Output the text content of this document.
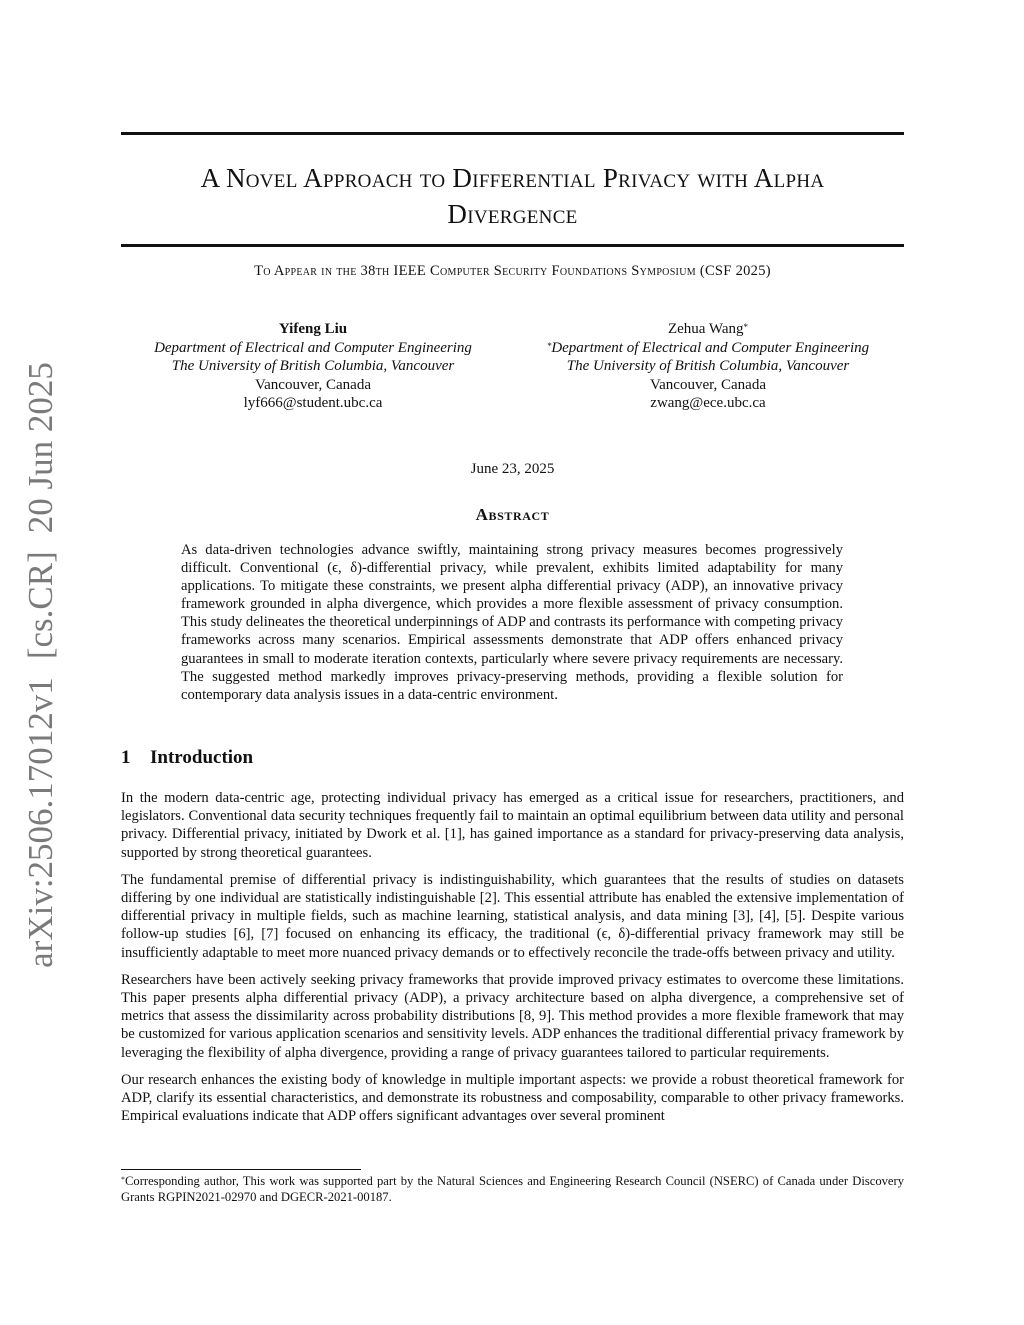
arXiv:2506.17012v1[cs.CR]20 Jun 2025
A Novel Approach to Differential Privacy with Alpha
Divergence
To Appear in the 38th IEEE Computer Security Foundations Symposium (CSF 2025)
Yifeng Liu
Department of Electrical and Computer Engineering
The University of British Columbia, Vancouver
Vancouver, Canada
lyf666@student.ubc.ca
Zehua Wang*
*Department of Electrical and Computer Engineering
The University of British Columbia, Vancouver
Vancouver, Canada
zwang@ece.ubc.ca
June 23, 2025
Abstract
As data-driven technologies advance swiftly, maintaining strong privacy measures becomes progressively difficult. Conventional (ϵ, δ)-differential privacy, while prevalent, exhibits limited adaptability for many applications. To mitigate these constraints, we present alpha differential privacy (ADP), an innovative privacy framework grounded in alpha divergence, which provides a more flexible assessment of privacy consumption. This study delineates the theoretical underpinnings of ADP and contrasts its performance with competing privacy frameworks across many scenarios. Empirical assessments demonstrate that ADP offers enhanced privacy guarantees in small to moderate iteration contexts, particularly where severe privacy requirements are necessary. The suggested method markedly improves privacy-preserving methods, providing a flexible solution for contemporary data analysis issues in a data-centric environment.
1 Introduction

In the modern data-centric age, protecting individual privacy has emerged as a critical issue for researchers, practitioners, and legislators. Conventional data security techniques frequently fail to maintain an optimal equilibrium between data utility and personal privacy. Differential privacy, initiated by Dwork et al. [1], has gained importance as a standard for privacy-preserving data analysis, supported by strong theoretical guarantees.

The fundamental premise of differential privacy is indistinguishability, which guarantees that the results of studies on datasets differing by one individual are statistically indistinguishable [2]. This essential attribute has enabled the extensive implementation of differential privacy in multiple fields, such as machine learning, statistical analysis, and data mining [3], [4], [5]. Despite various follow-up studies [6], [7] focused on enhancing its efficacy, the traditional (ϵ, δ)-differential privacy framework may still be insufficiently adaptable to meet more nuanced privacy demands or to effectively reconcile the trade-offs between privacy and utility.

Researchers have been actively seeking privacy frameworks that provide improved privacy estimates to overcome these limitations. This paper presents alpha differential privacy (ADP), a privacy architecture based on alpha divergence, a comprehensive set of metrics that assess the dissimilarity across probability distributions [8, 9]. This method provides a more flexible framework that may be customized for various application scenarios and sensitivity levels. ADP enhances the traditional differential privacy framework by leveraging the flexibility of alpha divergence, providing a range of privacy guarantees tailored to particular requirements.

Our research enhances the existing body of knowledge in multiple important aspects: we provide a robust theoretical framework for ADP, clarify its essential characteristics, and demonstrate its robustness and composability, comparable to other privacy frameworks. Empirical evaluations indicate that ADP offers significant advantages over several prominent

*Corresponding author, This work was supported part by the Natural Sciences and Engineering Research Council (NSERC) of Canada under Discovery Grants RGPIN2021-02970 and DGECR-2021-00187.
